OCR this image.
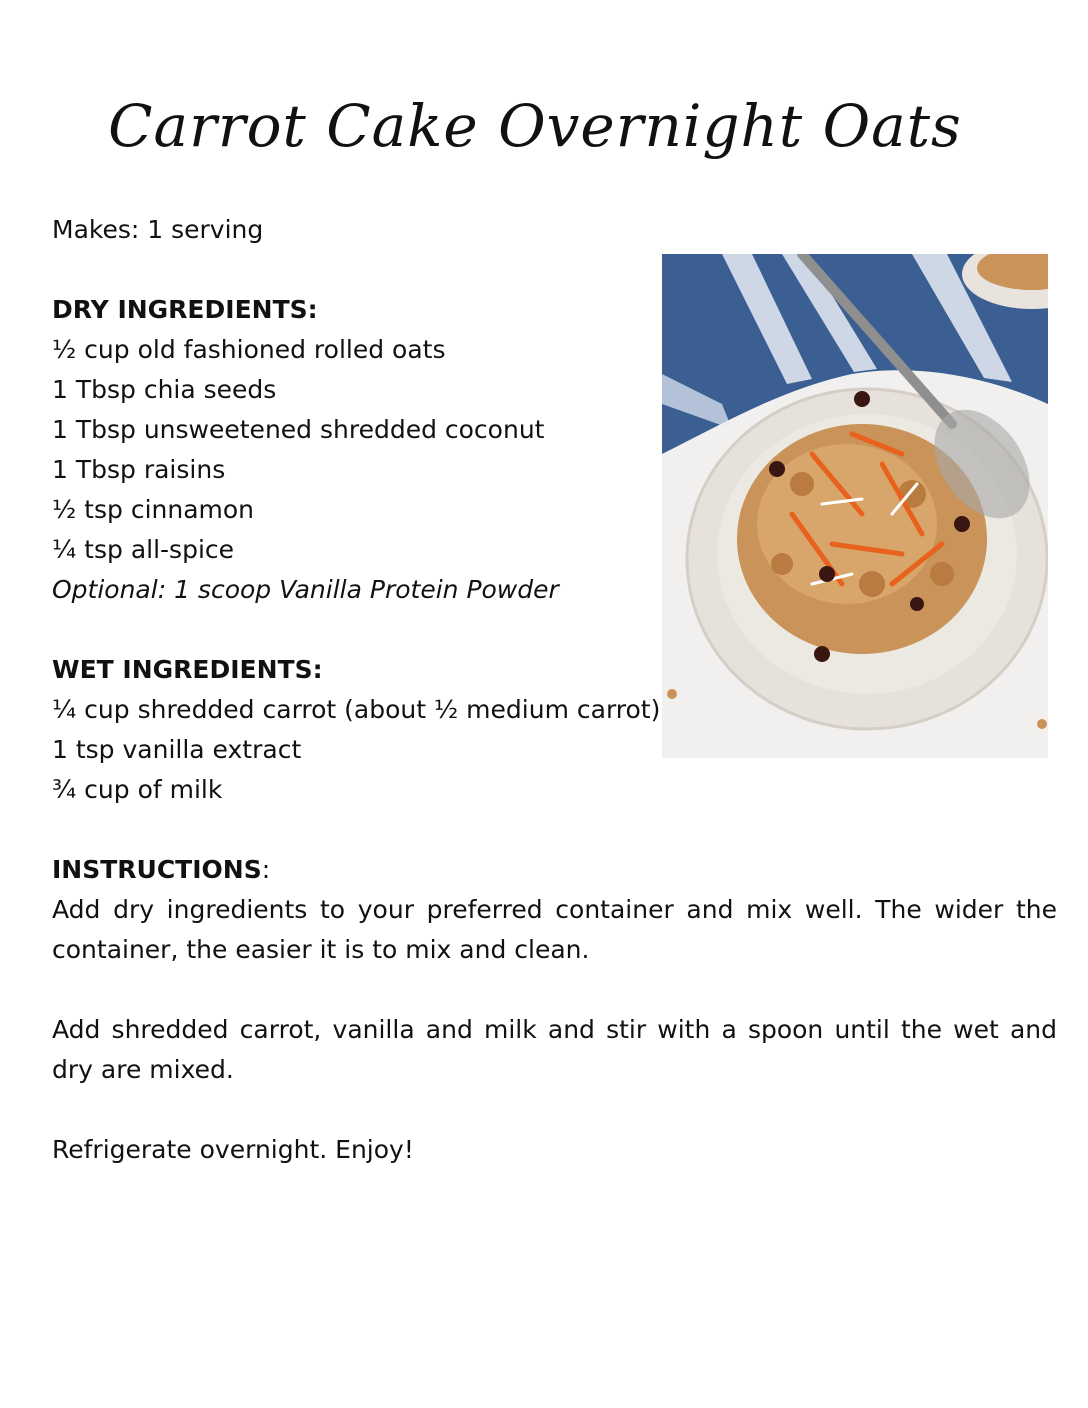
Carrot Cake Overnight Oats
Makes: 1 serving
DRY INGREDIENTS:
½ cup old fashioned rolled oats
1 Tbsp chia seeds
1 Tbsp unsweetened shredded coconut
1 Tbsp raisins
½ tsp cinnamon
¼ tsp all-spice
Optional: 1 scoop Vanilla Protein Powder
WET INGREDIENTS:
¼ cup shredded carrot (about ½ medium carrot)
1 tsp vanilla extract
¾ cup of milk
INSTRUCTIONS:

Add dry ingredients to your preferred container and mix well. The wider the container, the easier it is to mix and clean.

Add shredded carrot, vanilla and milk and stir with a spoon until the wet and dry are mixed.

Refrigerate overnight. Enjoy!
